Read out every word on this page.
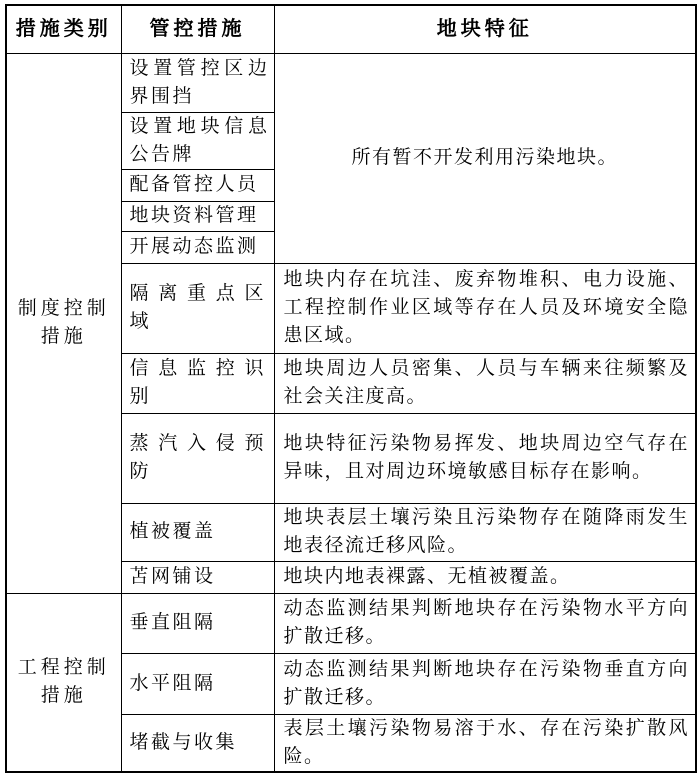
措施类别	管控措施	地块特征
制度控制措施	设置管控区边界围挡	所有暂不开发利用污染地块。
	设置地块信息公告牌	
	配备管控人员	
	地块资料管理	
	开展动态监测	
	隔离重点区域	地块内存在坑洼、废弃物堆积、电力设施、工程控制作业区域等存在人员及环境安全隐患区域。
	信息监控识别	地块周边人员密集、人员与车辆来往频繁及社会关注度高。
	蒸汽入侵预防	地块特征污染物易挥发、地块周边空气存在异味，且对周边环境敏感目标存在影响。
	植被覆盖	地块表层土壤污染且污染物存在随降雨发生地表径流迁移风险。
	苫网铺设	地块内地表裸露、无植被覆盖。
工程控制措施	垂直阻隔	动态监测结果判断地块存在污染物水平方向扩散迁移。
	水平阻隔	动态监测结果判断地块存在污染物垂直方向扩散迁移。
	堵截与收集	表层土壤污染物易溶于水、存在污染扩散风险。
